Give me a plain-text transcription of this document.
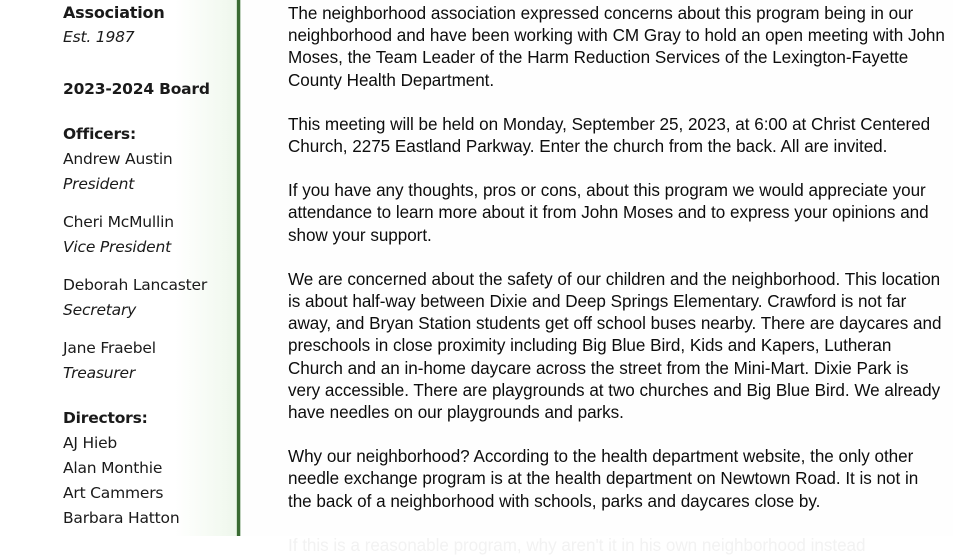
Association
Est. 1987
2023-2024 Board
Officers:
Andrew Austin
President
Cheri McMullin
Vice President
Deborah Lancaster
Secretary
Jane Fraebel
Treasurer
Directors:
AJ Hieb
Alan Monthie
Art Cammers
Barbara Hatton

The neighborhood association expressed concerns about this program being in our neighborhood and have been working with CM Gray to hold an open meeting with John Moses, the Team Leader of the Harm Reduction Services of the Lexington-Fayette County Health Department.

This meeting will be held on Monday, September 25, 2023, at 6:00 at Christ Centered Church, 2275 Eastland Parkway. Enter the church from the back. All are invited.

If you have any thoughts, pros or cons, about this program we would appreciate your attendance to learn more about it from John Moses and to express your opinions and show your support.

We are concerned about the safety of our children and the neighborhood. This location is about half-way between Dixie and Deep Springs Elementary. Crawford is not far away, and Bryan Station students get off school buses nearby. There are daycares and preschools in close proximity including Big Blue Bird, Kids and Kapers, Lutheran Church and an in-home daycare across the street from the Mini-Mart. Dixie Park is very accessible. There are playgrounds at two churches and Big Blue Bird. We already have needles on our playgrounds and parks.

Why our neighborhood? According to the health department website, the only other needle exchange program is at the health department on Newtown Road. It is not in the back of a neighborhood with schools, parks and daycares close by.

If this is a reasonable program, why aren't it in his own neighborhood instead
